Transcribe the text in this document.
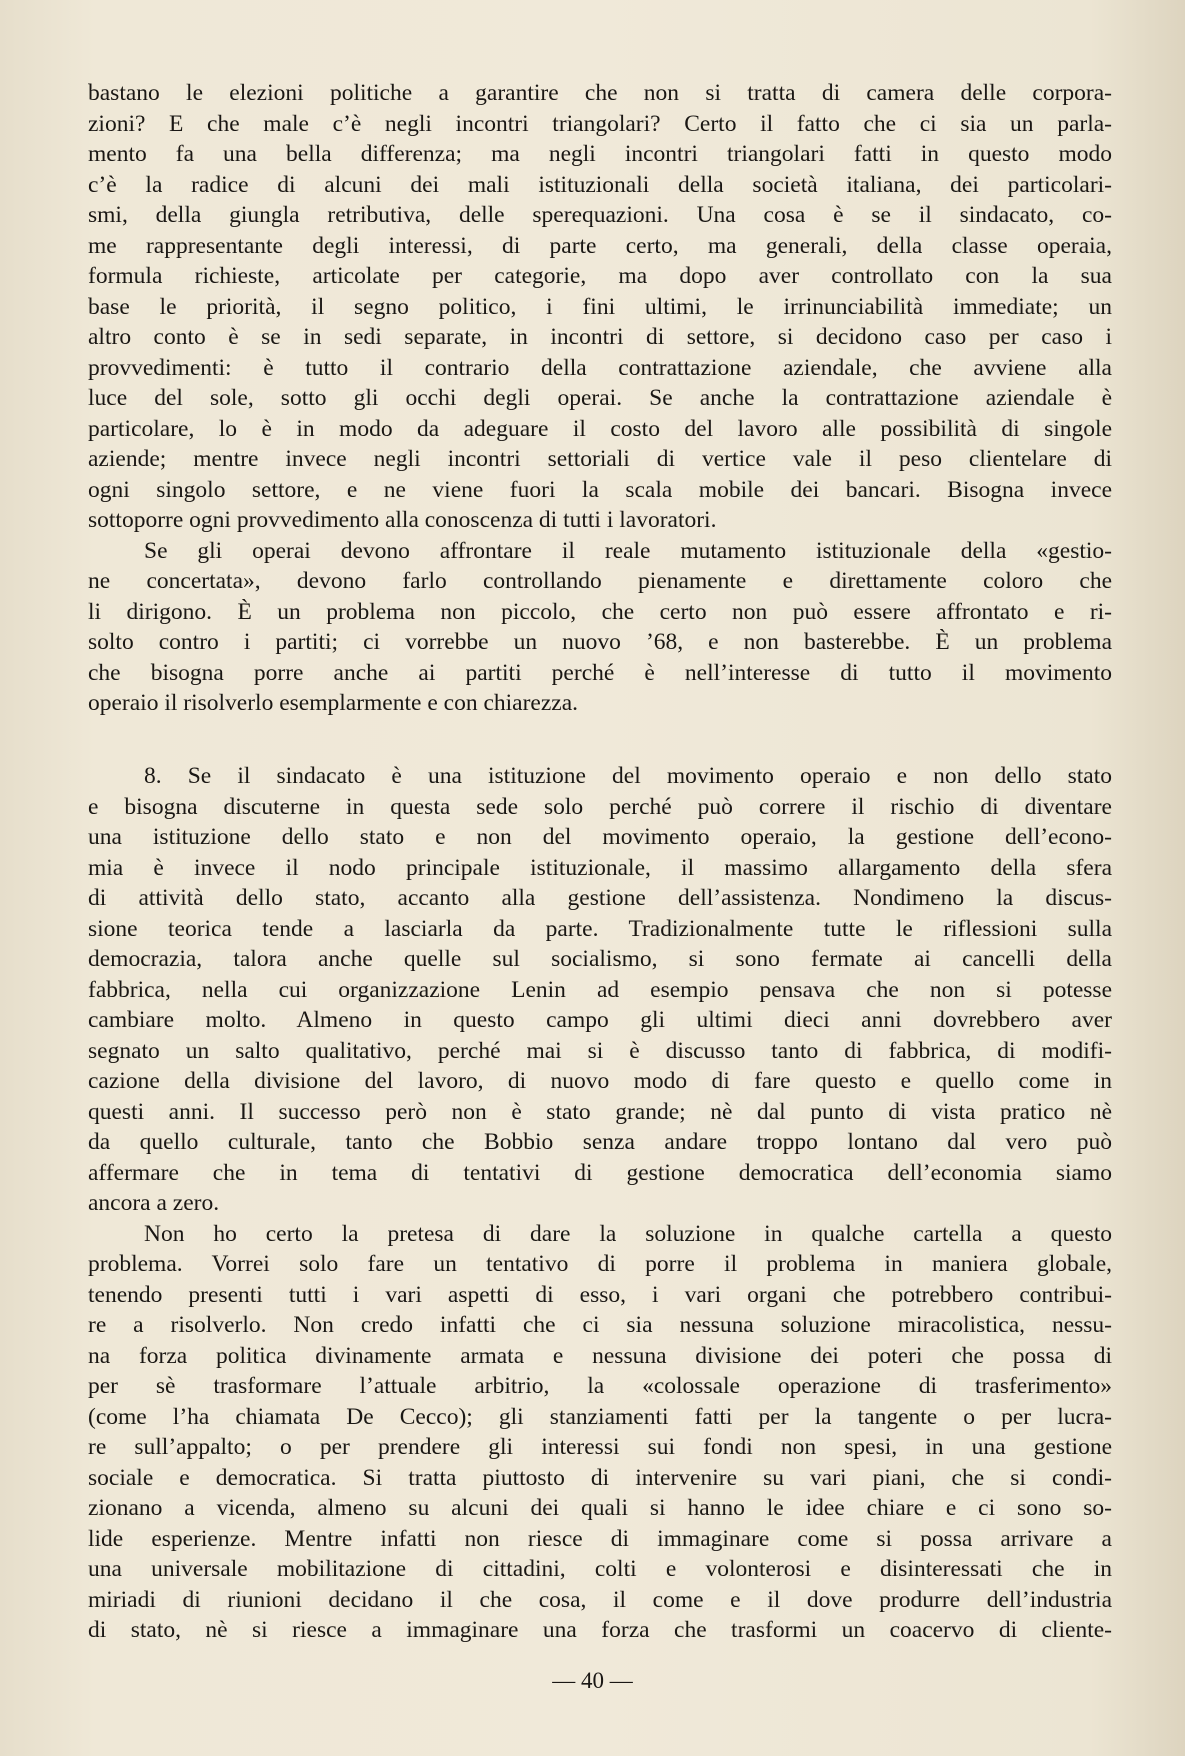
bastano le elezioni politiche a garantire che non si tratta di camera delle corpora-
zioni? E che male c’è negli incontri triangolari? Certo il fatto che ci sia un parla-
mento fa una bella differenza; ma negli incontri triangolari fatti in questo modo
c’è la radice di alcuni dei mali istituzionali della società italiana, dei particolari-
smi, della giungla retributiva, delle sperequazioni. Una cosa è se il sindacato, co-
me rappresentante degli interessi, di parte certo, ma generali, della classe operaia,
formula richieste, articolate per categorie, ma dopo aver controllato con la sua
base le priorità, il segno politico, i fini ultimi, le irrinunciabilità immediate; un
altro conto è se in sedi separate, in incontri di settore, si decidono caso per caso i
provvedimenti: è tutto il contrario della contrattazione aziendale, che avviene alla
luce del sole, sotto gli occhi degli operai. Se anche la contrattazione aziendale è
particolare, lo è in modo da adeguare il costo del lavoro alle possibilità di singole
aziende; mentre invece negli incontri settoriali di vertice vale il peso clientelare di
ogni singolo settore, e ne viene fuori la scala mobile dei bancari. Bisogna invece
sottoporre ogni provvedimento alla conoscenza di tutti i lavoratori.
Se gli operai devono affrontare il reale mutamento istituzionale della «gestio-
ne concertata», devono farlo controllando pienamente e direttamente coloro che
li dirigono. È un problema non piccolo, che certo non può essere affrontato e ri-
solto contro i partiti; ci vorrebbe un nuovo ’68, e non basterebbe. È un problema
che bisogna porre anche ai partiti perché è nell’interesse di tutto il movimento
operaio il risolverlo esemplarmente e con chiarezza.
8. Se il sindacato è una istituzione del movimento operaio e non dello stato
e bisogna discuterne in questa sede solo perché può correre il rischio di diventare
una istituzione dello stato e non del movimento operaio, la gestione dell’econo-
mia è invece il nodo principale istituzionale, il massimo allargamento della sfera
di attività dello stato, accanto alla gestione dell’assistenza. Nondimeno la discus-
sione teorica tende a lasciarla da parte. Tradizionalmente tutte le riflessioni sulla
democrazia, talora anche quelle sul socialismo, si sono fermate ai cancelli della
fabbrica, nella cui organizzazione Lenin ad esempio pensava che non si potesse
cambiare molto. Almeno in questo campo gli ultimi dieci anni dovrebbero aver
segnato un salto qualitativo, perché mai si è discusso tanto di fabbrica, di modifi-
cazione della divisione del lavoro, di nuovo modo di fare questo e quello come in
questi anni. Il successo però non è stato grande; nè dal punto di vista pratico nè
da quello culturale, tanto che Bobbio senza andare troppo lontano dal vero può
affermare che in tema di tentativi di gestione democratica dell’economia siamo
ancora a zero.
Non ho certo la pretesa di dare la soluzione in qualche cartella a questo
problema. Vorrei solo fare un tentativo di porre il problema in maniera globale,
tenendo presenti tutti i vari aspetti di esso, i vari organi che potrebbero contribui-
re a risolverlo. Non credo infatti che ci sia nessuna soluzione miracolistica, nessu-
na forza politica divinamente armata e nessuna divisione dei poteri che possa di
per sè trasformare l’attuale arbitrio, la «colossale operazione di trasferimento»
(come l’ha chiamata De Cecco); gli stanziamenti fatti per la tangente o per lucra-
re sull’appalto; o per prendere gli interessi sui fondi non spesi, in una gestione
sociale e democratica. Si tratta piuttosto di intervenire su vari piani, che si condi-
zionano a vicenda, almeno su alcuni dei quali si hanno le idee chiare e ci sono so-
lide esperienze. Mentre infatti non riesce di immaginare come si possa arrivare a
una universale mobilitazione di cittadini, colti e volonterosi e disinteressati che in
miriadi di riunioni decidano il che cosa, il come e il dove produrre dell’industria
di stato, nè si riesce a immaginare una forza che trasformi un coacervo di cliente-
— 40 —
